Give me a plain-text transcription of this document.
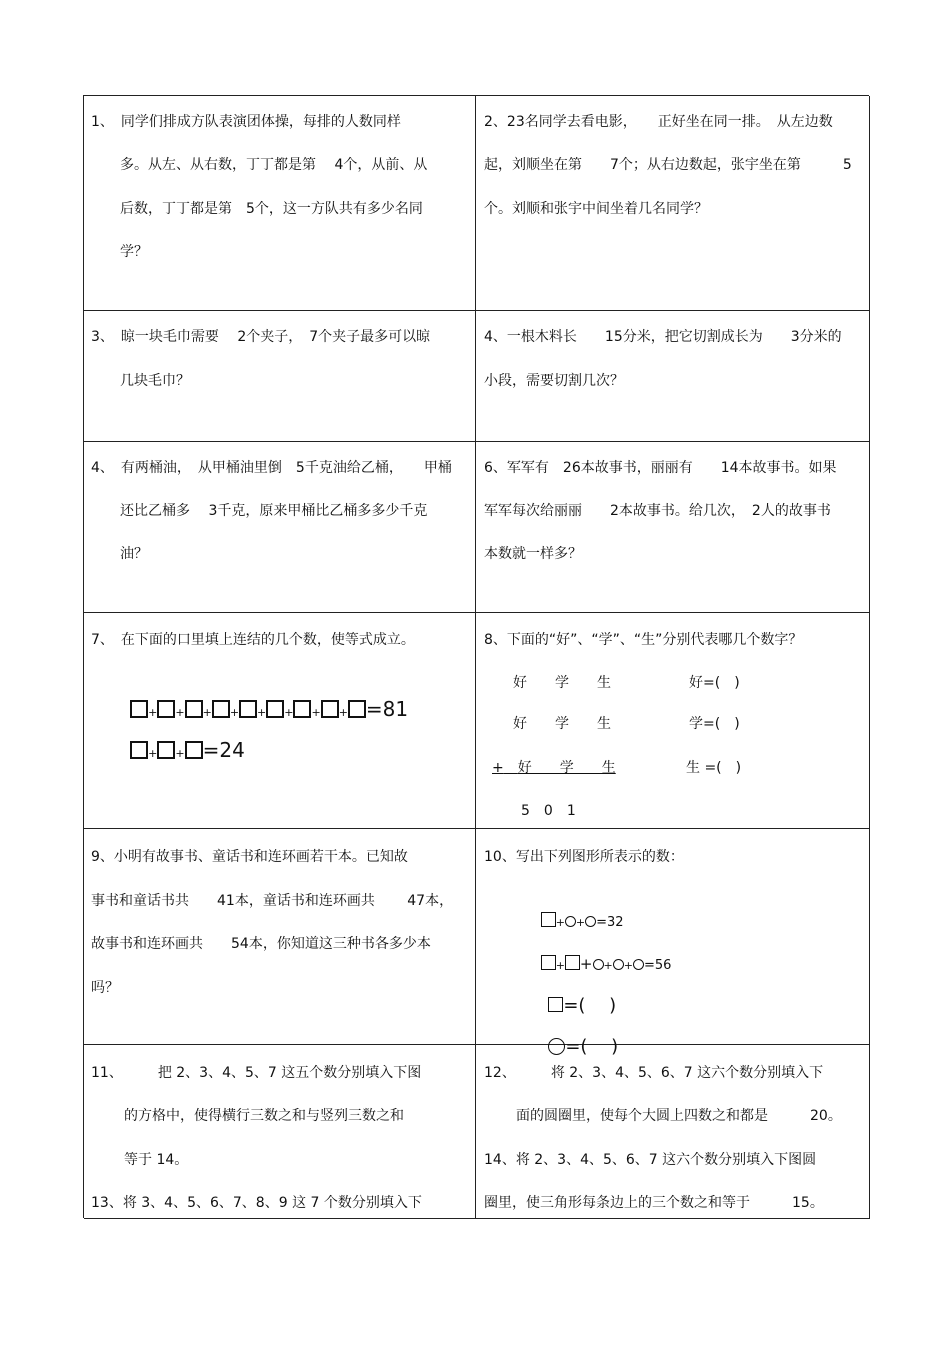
1、　同学们排成方队表演团体操，每排的人数同样
多。从左、从右数，丁丁都是第　 4个，从前、从
后数，丁丁都是第　5个，这一方队共有多少名同
学？
2、23名同学去看电影，　　正好坐在同一排。　从左边数
起，刘顺坐在第　　7个；从右边数起，张宇坐在第　　　5
个。刘顺和张宇中间坐着几名同学？
3、　晾一块毛巾需要　 2个夹子，　7个夹子最多可以晾
几块毛巾？
4、一根木料长　　15分米，把它切割成长为　　3分米的
小段，需要切割几次？
4、　有两桶油，　从甲桶油里倒　5千克油给乙桶，　　甲桶
还比乙桶多　 3千克，原来甲桶比乙桶多多少千克
油？
6、军军有　26本故事书，丽丽有　　14本故事书。如果
军军每次给丽丽　　2本故事书。给几次，　2人的故事书
本数就一样多？
7、　在下面的口里填上连结的几个数，使等式成立。

+ + + + + + + + =81

+ + =24

8、下面的“好”、“学”、“生”分别代表哪几个数字？
好　　学　　生	好=(　)
好　　学　　生	学=(　)
+　 好　　学　　生	生 =(　)
5　0　1
9、小明有故事书、童话书和连环画若干本。已知故
事书和童话书共　　41本，童话书和连环画共　　 47本，
故事书和连环画共　　54本，你知道这三种书各多少本
吗？
10、写出下列图形所表示的数：

+ + =32

+ + + + =56

=(　 )

=(　 )

11、　　　把 2、3、4、5、7 这五个数分别填入下图
的方格中，使得横行三数之和与竖列三数之和
等于 14。
13、将 3、4、5、6、7、8、9 这 7 个数分别填入下
12、　　　将 2、3、4、5、6、7 这六个数分别填入下
面的圆圈里，使每个大圆上四数之和都是　　　20。
14、将 2、3、4、5、6、7 这六个数分别填入下图圆
圈里，使三角形每条边上的三个数之和等于　　　15。
